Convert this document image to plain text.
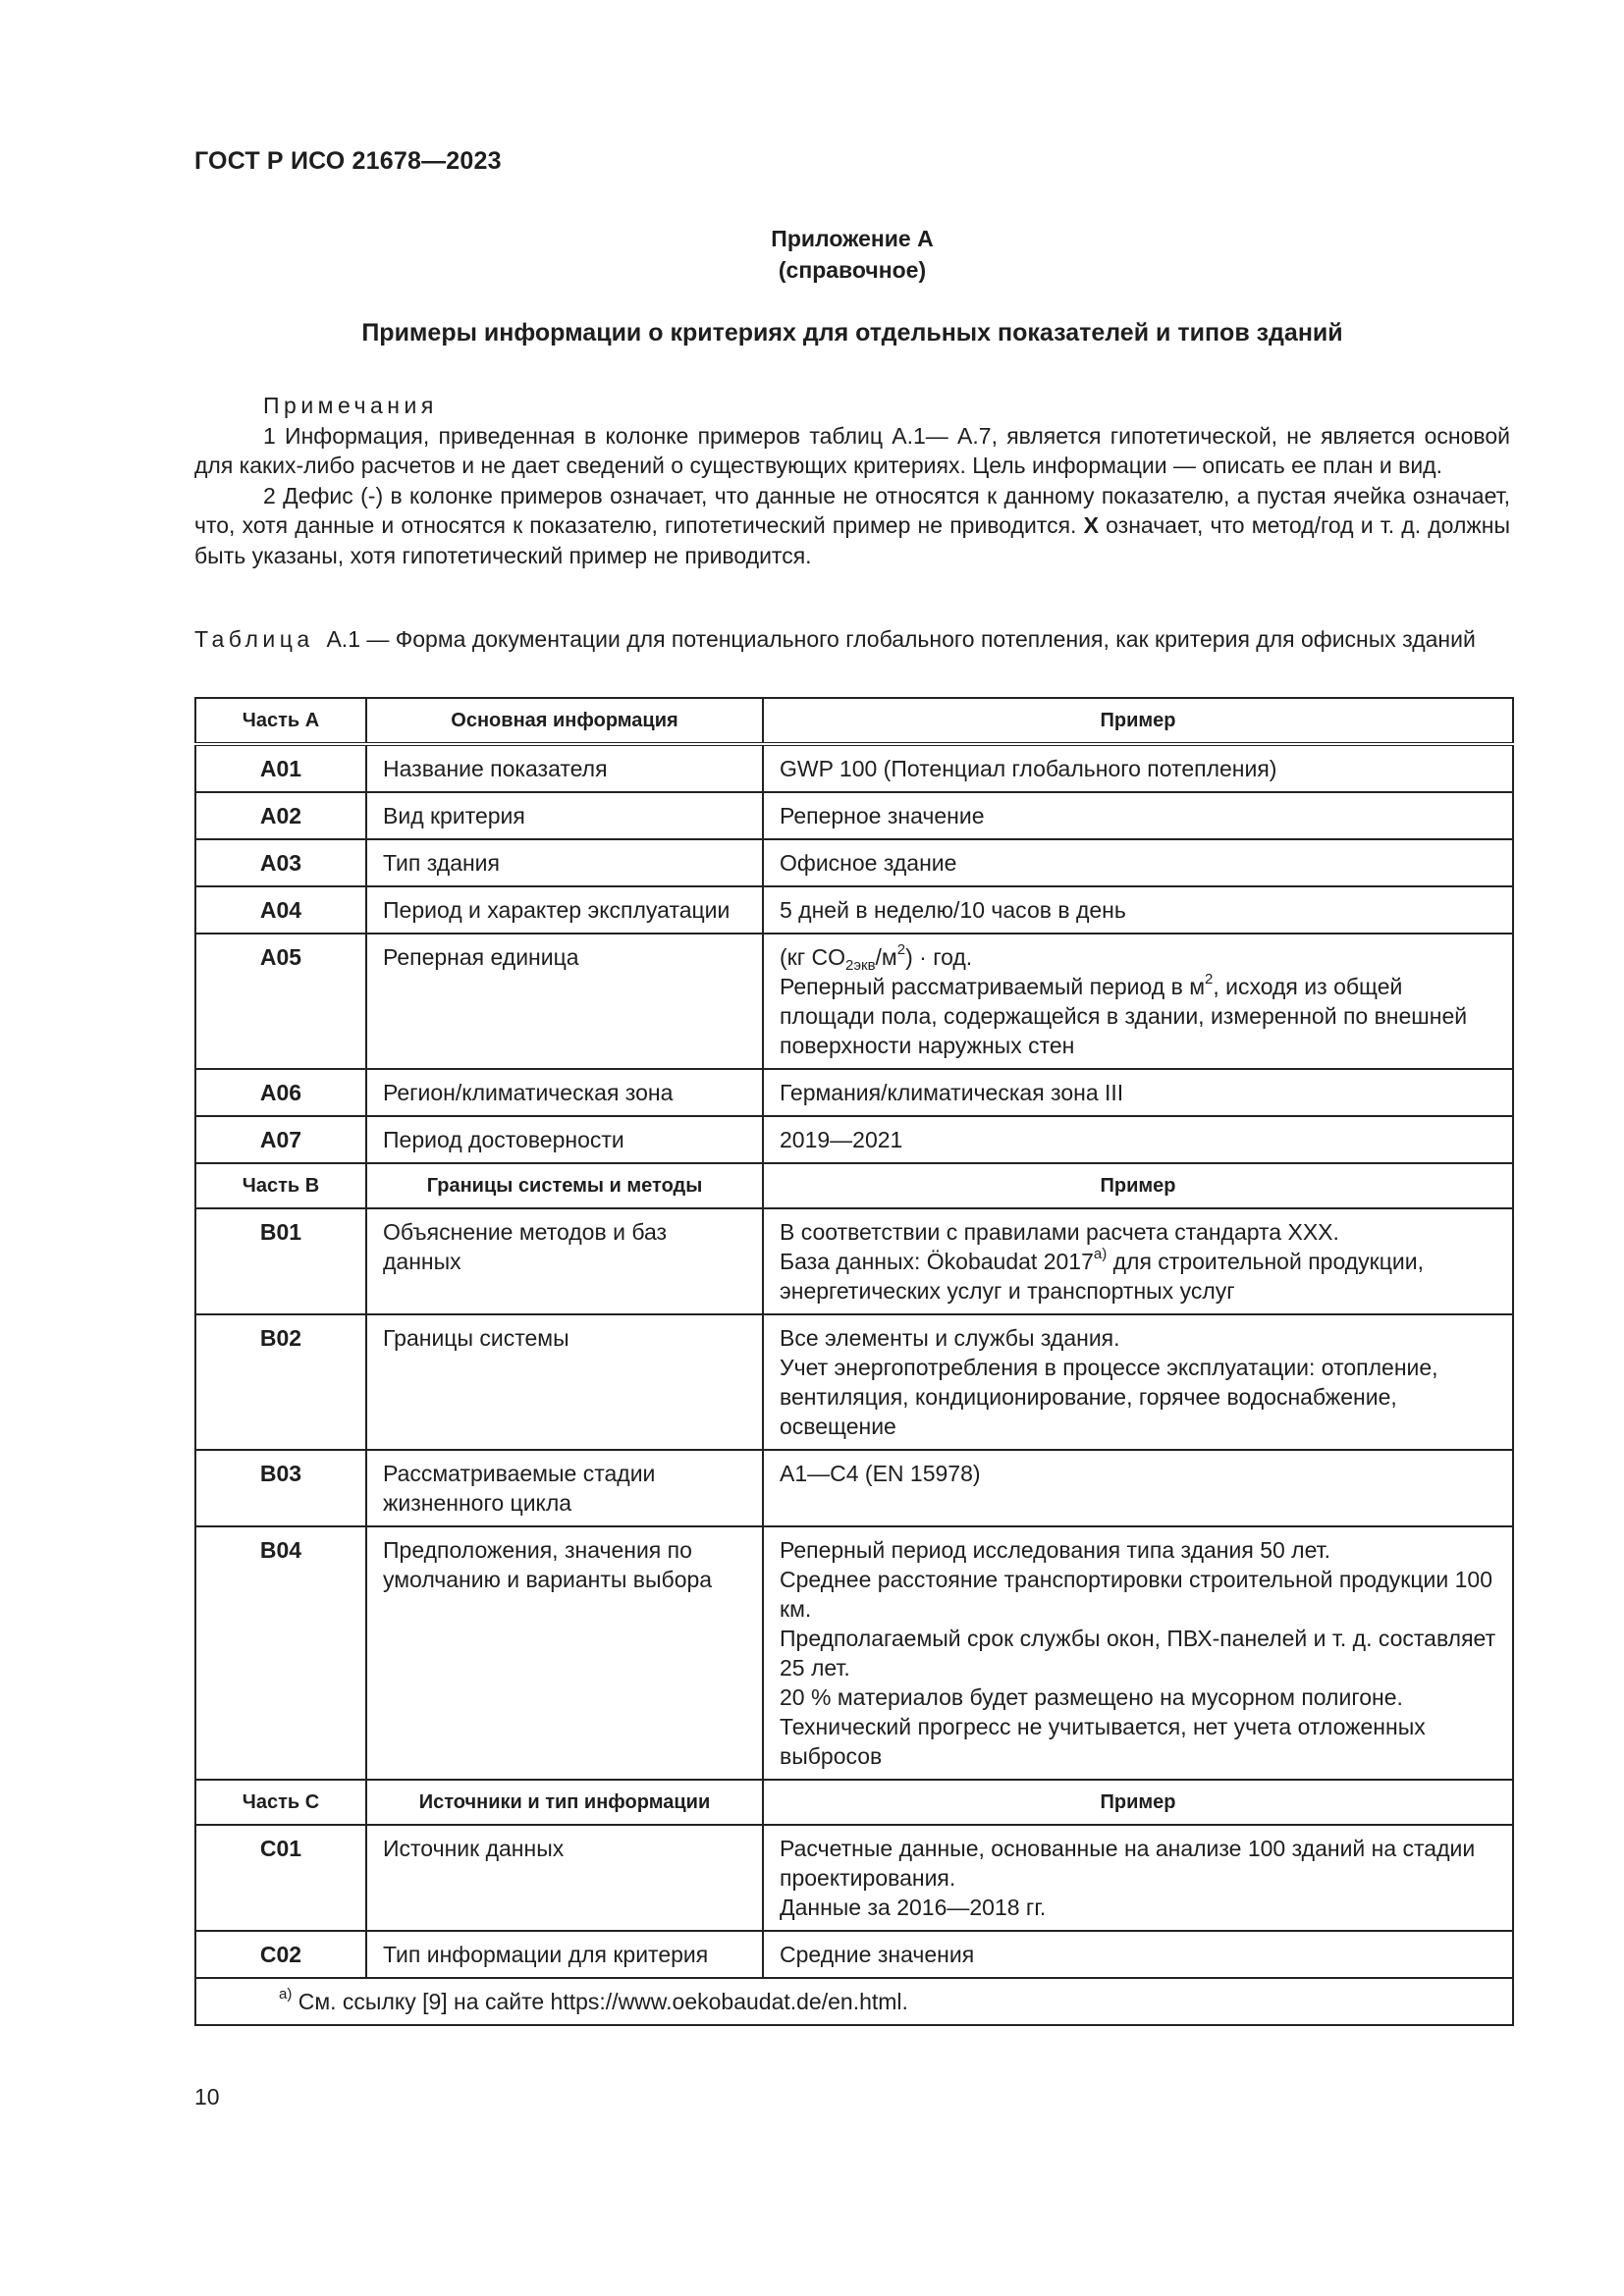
ГОСТ Р ИСО 21678—2023
Приложение А
(справочное)
Примеры информации о критериях для отдельных показателей и типов зданий

Примечания

1 Информация, приведенная в колонке примеров таблиц А.1— А.7, является гипотетической, не является основой для каких-либо расчетов и не дает сведений о существующих критериях. Цель информации — описать ее план и вид.

2 Дефис (-) в колонке примеров означает, что данные не относятся к данному показателю, а пустая ячейка означает, что, хотя данные и относятся к показателю, гипотетический пример не приводится. X означает, что метод/год и т. д. должны быть указаны, хотя гипотетический пример не приводится.

Таблица А.1 — Форма документации для потенциального глобального потепления, как критерия для офисных зданий
Часть А	Основная информация	Пример
A01	Название показателя	GWP 100 (Потенциал глобального потепления)
A02	Вид критерия	Реперное значение
A03	Тип здания	Офисное здание
A04	Период и характер эксплуатации	5 дней в неделю/10 часов в день
A05	Реперная единица	(кг $CO_{2экв}/м^2$) · год.
Реперный рассматриваемый период в $м^2$, исходя из общей площади пола, содержащейся в здании, измеренной по внешней поверхности наружных стен

A06	Регион/климатическая зона	Германия/климатическая зона III
A07	Период достоверности	2019—2021
Часть В	Границы системы и методы	Пример
B01	Объяснение методов и баз данных	В соответствии с правилами расчета стандарта ХХХ.
База данных: Ökobaudat 2017$^{a)}$ для строительной продукции, энергетических услуг и транспортных услуг

B02	Границы системы	Все элементы и службы здания.
Учет энергопотребления в процессе эксплуатации: отопление, вентиляция, кондиционирование, горячее водоснабжение, освещение

B03	Рассматриваемые стадии жизненного цикла	A1—C4 (EN 15978)
B04	Предположения, значения по умолчанию и варианты выбора	Реперный период исследования типа здания 50 лет.
Среднее расстояние транспортировки строительной продукции 100 км.
Предполагаемый срок службы окон, ПВХ-панелей и т. д. составляет 25 лет.
20 % материалов будет размещено на мусорном полигоне.
Технический прогресс не учитывается, нет учета отложенных выбросов

Часть С	Источники и тип информации	Пример
C01	Источник данных	Расчетные данные, основанные на анализе 100 зданий на стадии проектирования.
Данные за 2016—2018 гг.

C02	Тип информации для критерия	Средние значения
$^{a)}$ См. ссылку [9] на сайте https://www.oekobaudat.de/en.html.		
10
